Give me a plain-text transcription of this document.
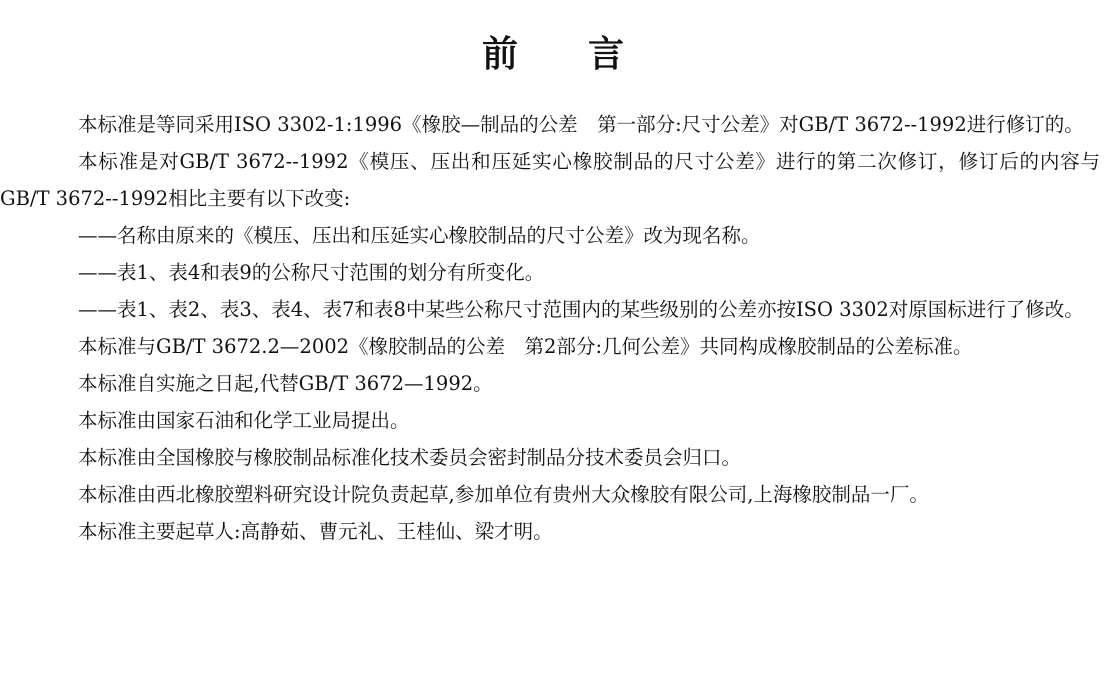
前言

本标准是等同采用ISO 3302-1:1996《橡胶—制品的公差　第一部分:尺寸公差》对GB/T 3672--1992进行修订的。

本标准是对GB/T 3672--1992《模压、压出和压延实心橡胶制品的尺寸公差》进行的第二次修订，修订后的内容与GB/T 3672--1992相比主要有以下改变:

——名称由原来的《模压、压出和压延实心橡胶制品的尺寸公差》改为现名称。

——表1、表4和表9的公称尺寸范围的划分有所变化。

——表1、表2、表3、表4、表7和表8中某些公称尺寸范围内的某些级别的公差亦按ISO 3302对原国标进行了修改。

本标准与GB/T 3672.2—2002《橡胶制品的公差　第2部分:几何公差》共同构成橡胶制品的公差标准。

本标准自实施之日起,代替GB/T 3672—1992。

本标准由国家石油和化学工业局提出。

本标准由全国橡胶与橡胶制品标准化技术委员会密封制品分技术委员会归口。

本标准由西北橡胶塑料研究设计院负责起草,参加单位有贵州大众橡胶有限公司,上海橡胶制品一厂。

本标准主要起草人:高静茹、曹元礼、王桂仙、梁才明。
